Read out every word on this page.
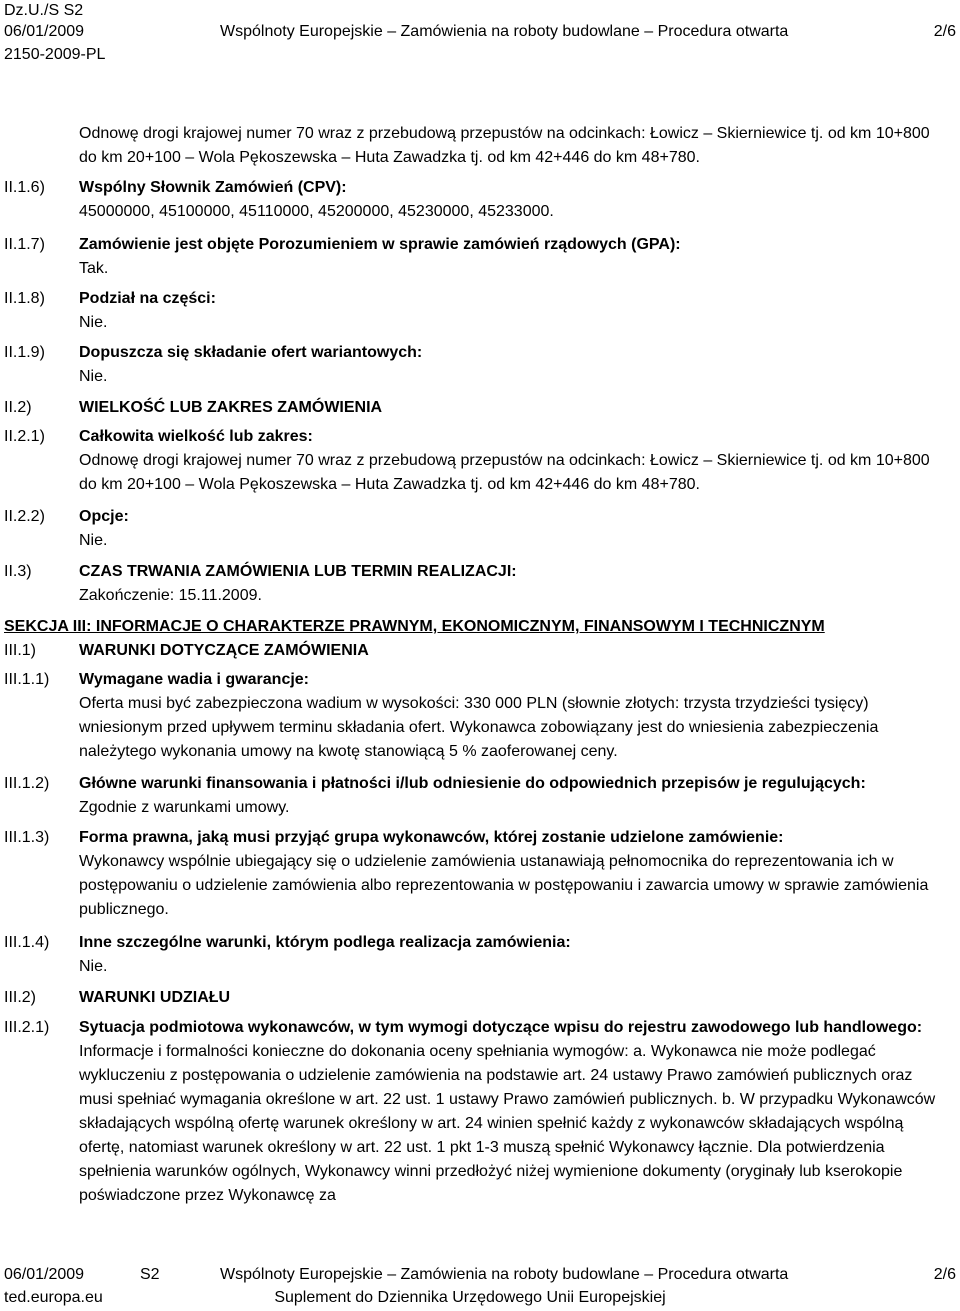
Dz.U./S S2
06/01/2009	Wspólnoty Europejskie – Zamówienia na roboty budowlane – Procedura otwarta	2/6
2150-2009-PL
Odnowę drogi krajowej numer 70 wraz z przebudową przepustów na odcinkach: Łowicz – Skierniewice tj. od km 10+800 do km 20+100 – Wola Pękoszewska – Huta Zawadzka tj. od km 42+446 do km 48+780.
II.1.6) Wspólny Słownik Zamówień (CPV):

45000000, 45100000, 45110000, 45200000, 45230000, 45233000.

II.1.7) Zamówienie jest objęte Porozumieniem w sprawie zamówień rządowych (GPA):

Tak.

II.1.8) Podział na części:

Nie.

II.1.9) Dopuszcza się składanie ofert wariantowych:

Nie.

II.2)	WIELKOŚĆ LUB ZAKRES ZAMÓWIENIA

II.2.1) Całkowita wielkość lub zakres:

Odnowę drogi krajowej numer 70 wraz z przebudową przepustów na odcinkach: Łowicz – Skierniewice tj. od km 10+800 do km 20+100 – Wola Pękoszewska – Huta Zawadzka tj. od km 42+446 do km 48+780.

II.2.2) Opcje:

Nie.

II.3)	CZAS TRWANIA ZAMÓWIENIA LUB TERMIN REALIZACJI:

Zakończenie: 15.11.2009.

SEKCJA III: INFORMACJE O CHARAKTERZE PRAWNYM, EKONOMICZNYM, FINANSOWYM I TECHNICZNYM
III.1)	WARUNKI DOTYCZĄCE ZAMÓWIENIA

III.1.1) Wymagane wadia i gwarancje:

Oferta musi być zabezpieczona wadium w wysokości: 330 000 PLN (słownie złotych: trzysta trzydzieści tysięcy) wniesionym przed upływem terminu składania ofert. Wykonawca zobowiązany jest do wniesienia zabezpieczenia należytego wykonania umowy na kwotę stanowiącą 5 % zaoferowanej ceny.

III.1.2) Główne warunki finansowania i płatności i/lub odniesienie do odpowiednich przepisów je regulujących:

Zgodnie z warunkami umowy.

III.1.3) Forma prawna, jaką musi przyjąć grupa wykonawców, której zostanie udzielone zamówienie:

Wykonawcy wspólnie ubiegający się o udzielenie zamówienia ustanawiają pełnomocnika do reprezentowania ich w postępowaniu o udzielenie zamówienia albo reprezentowania w postępowaniu i zawarcia umowy w sprawie zamówienia publicznego.

III.1.4) Inne szczególne warunki, którym podlega realizacja zamówienia:

Nie.

III.2)	WARUNKI UDZIAŁU

III.2.1) Sytuacja podmiotowa wykonawców, w tym wymogi dotyczące wpisu do rejestru zawodowego lub handlowego:

Informacje i formalności konieczne do dokonania oceny spełniania wymogów: a. Wykonawca nie może podlegać wykluczeniu z postępowania o udzielenie zamówienia na podstawie art. 24 ustawy Prawo zamówień publicznych oraz musi spełniać wymagania określone w art. 22 ust. 1 ustawy Prawo zamówień publicznych. b. W przypadku Wykonawców składających wspólną ofertę warunek określony w art. 24 winien spełnić każdy z wykonawców składających wspólną ofertę, natomiast warunek określony w art. 22 ust. 1 pkt 1-3 muszą spełnić Wykonawcy łącznie. Dla potwierdzenia spełnienia warunków ogólnych, Wykonawcy winni przedłożyć niżej wymienione dokumenty (oryginały lub kserokopie poświadczone przez Wykonawcę za

06/01/2009	S2	Wspólnoty Europejskie – Zamówienia na roboty budowlane – Procedura otwarta	2/6
ted.europa.eu	Suplement do Dziennika Urzędowego Unii Europejskiej
